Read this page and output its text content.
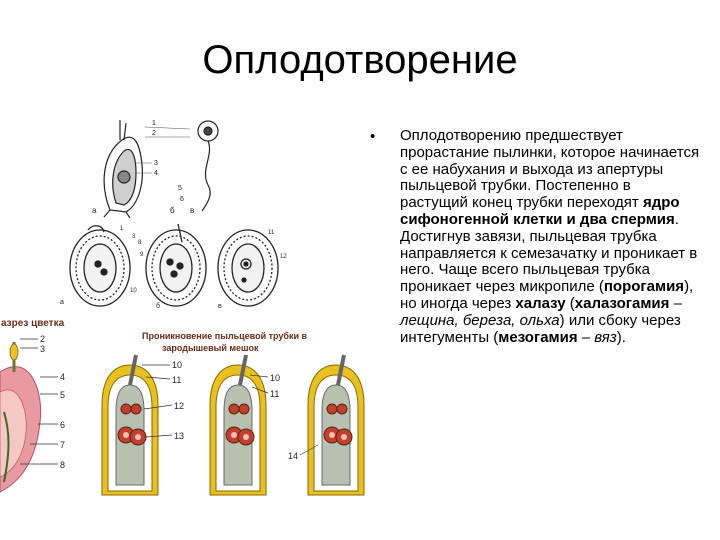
Оплодотворение
1
2
3
4
5
6
а	б в
1
3
8
9
10
11
12
а
б	в
азрез цветка
2
3
4
5
6
7
8
Проникновение пыльцевой трубки в
зародышевый мешок
10
11
12
13
10
11
14
• Оплодотворению предшествует прорастание пылинки, которое начинается с ее набухания и выхода из апертуры пыльцевой трубки. Постепенно в растущий конец трубки переходят ядро сифоногенной клетки и два спермия. Достигнув завязи, пыльцевая трубка направляется к семезачатку и проникает в него. Чаще всего пыльцевая трубка проникает через микропиле (порогамия), но иногда через халазу (халазогамия – лещина, береза, ольха) или сбоку через интегументы (мезогамия – вяз).
